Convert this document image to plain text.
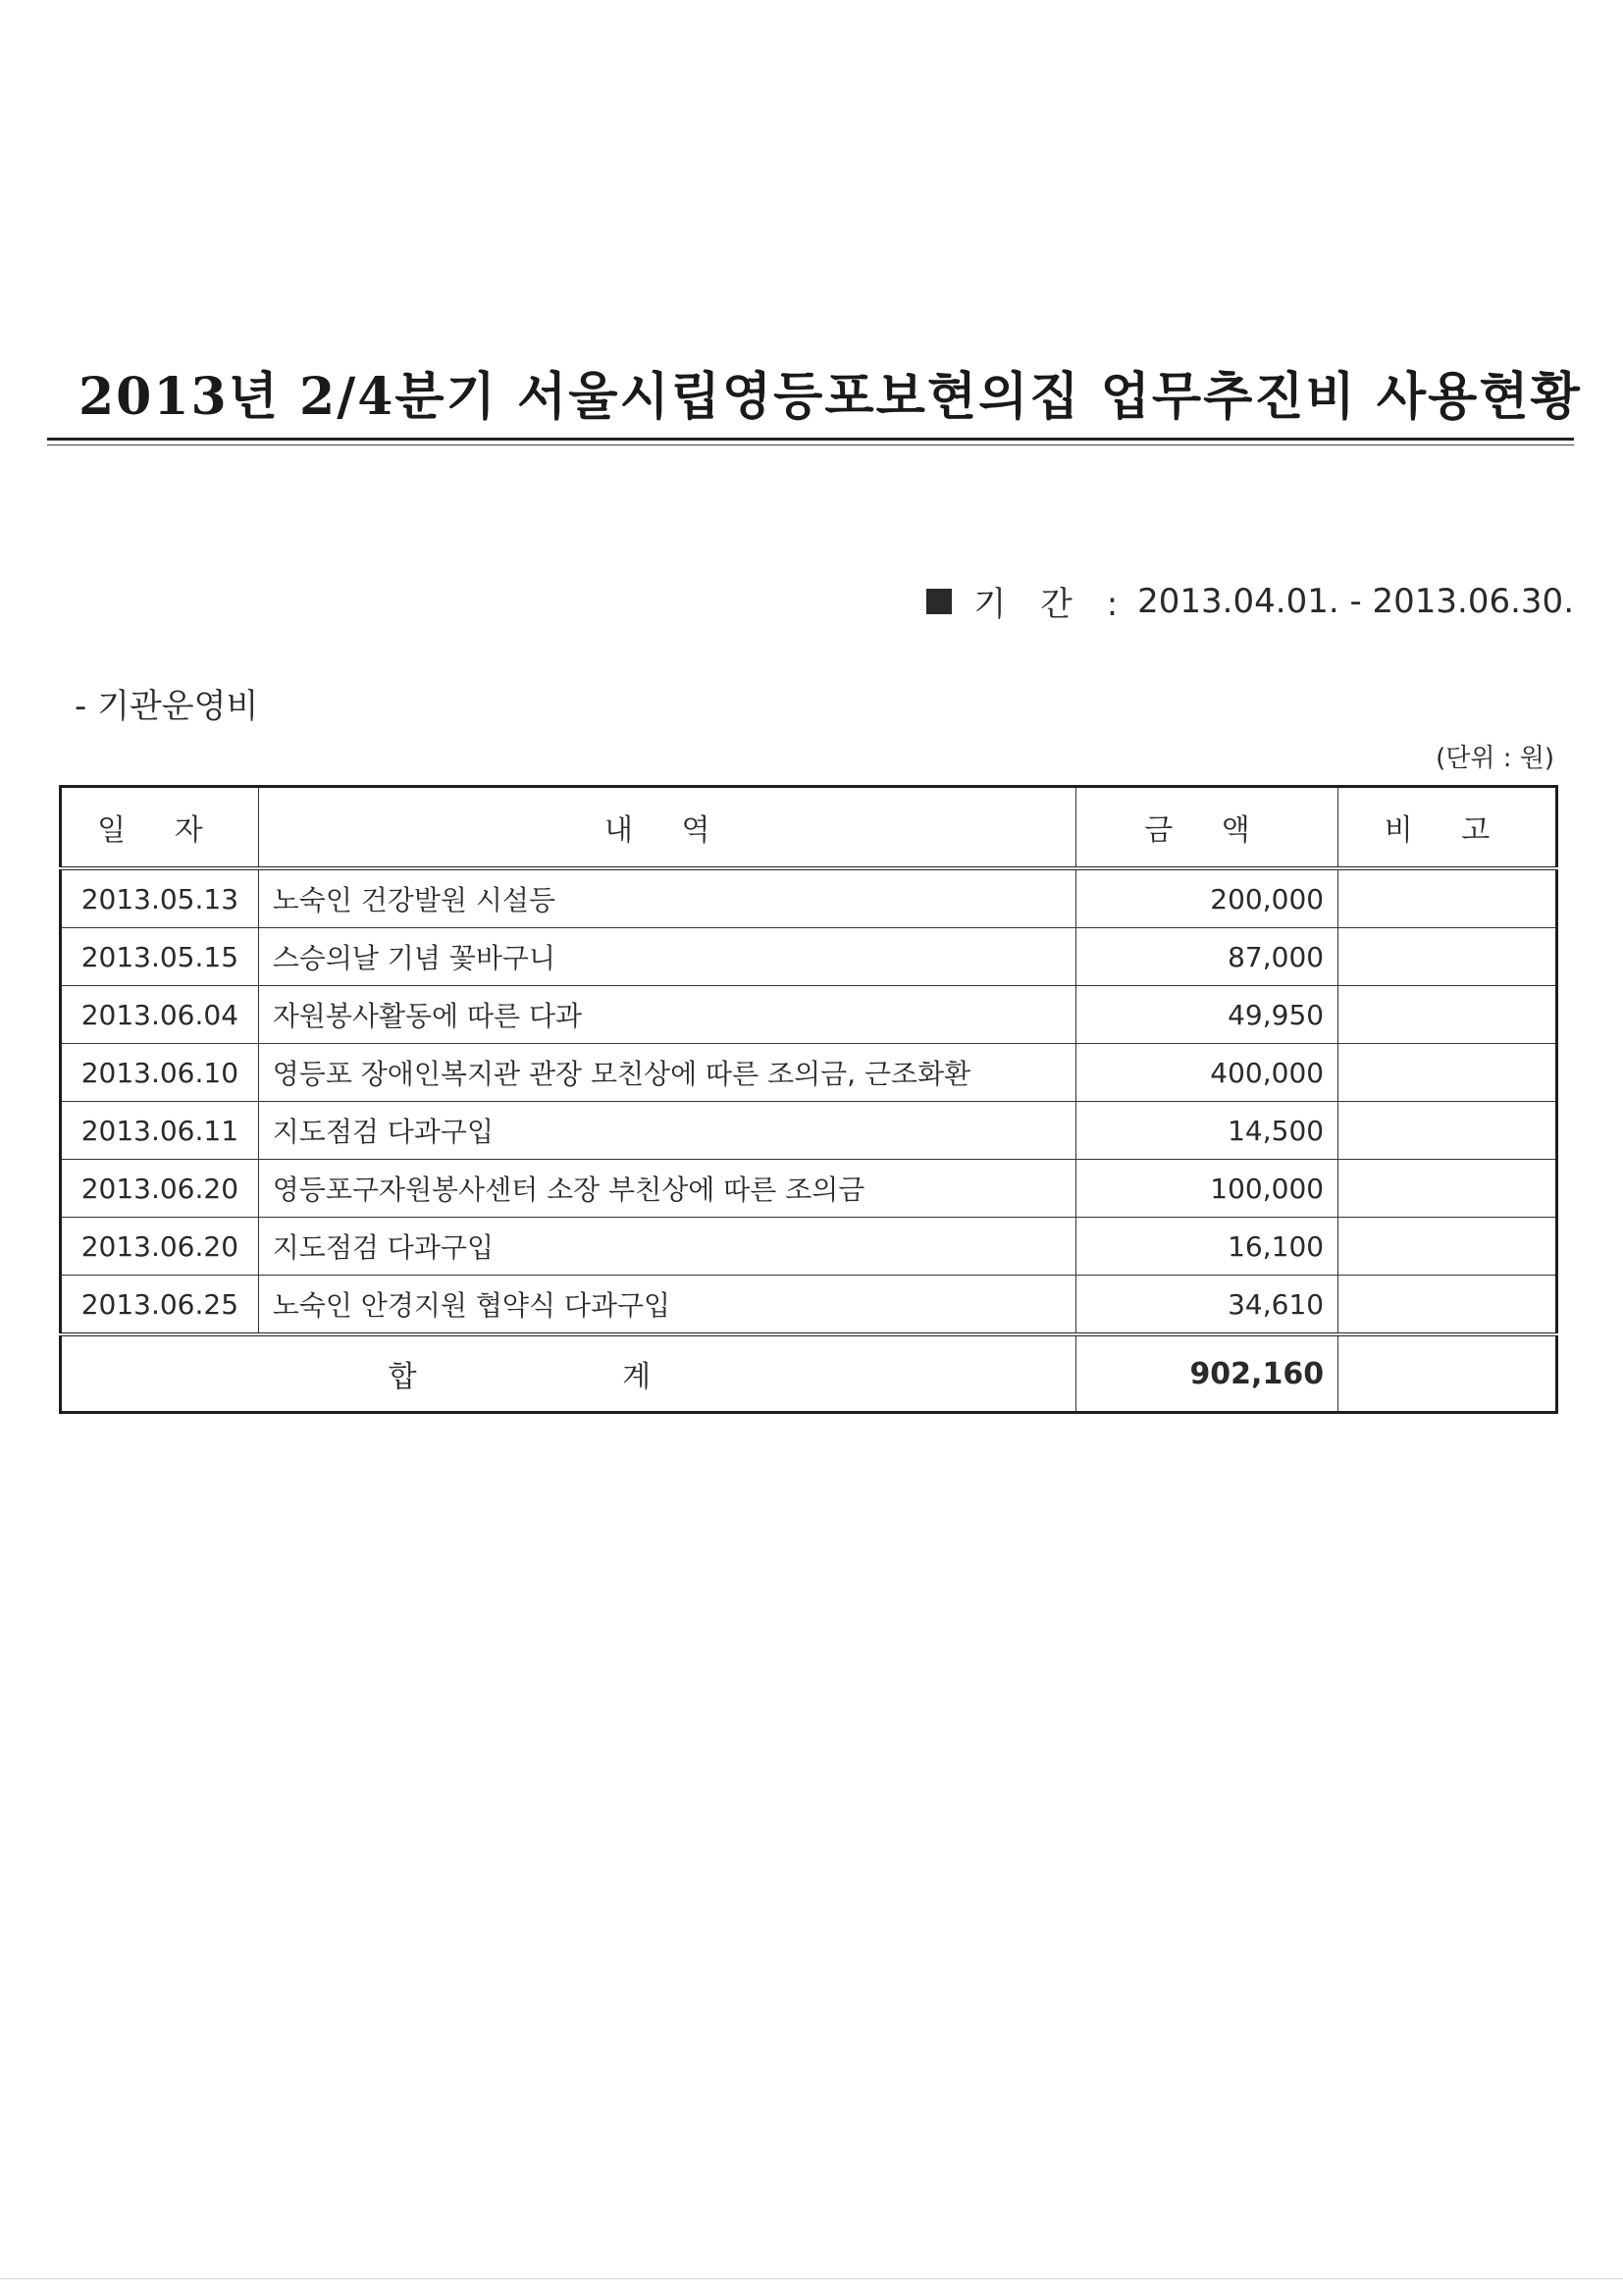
2013년 2/4분기 서울시립영등포보현의집 업무추진비 사용현황
기 간 : 2013.04.01. - 2013.06.30.
- 기관운영비
(단위 : 원)
일 자	내 역	금 액	비 고
2013.05.13	노숙인 건강발원 시설등	200,000	
2013.05.15	스승의날 기념 꽃바구니	87,000	
2013.06.04	자원봉사활동에 따른 다과	49,950	
2013.06.10	영등포 장애인복지관 관장 모친상에 따른 조의금, 근조화환	400,000	
2013.06.11	지도점검 다과구입	14,500	
2013.06.20	영등포구자원봉사센터 소장 부친상에 따른 조의금	100,000	
2013.06.20	지도점검 다과구입	16,100	
2013.06.25	노숙인 안경지원 협약식 다과구입	34,610	
합 계		902,160	
